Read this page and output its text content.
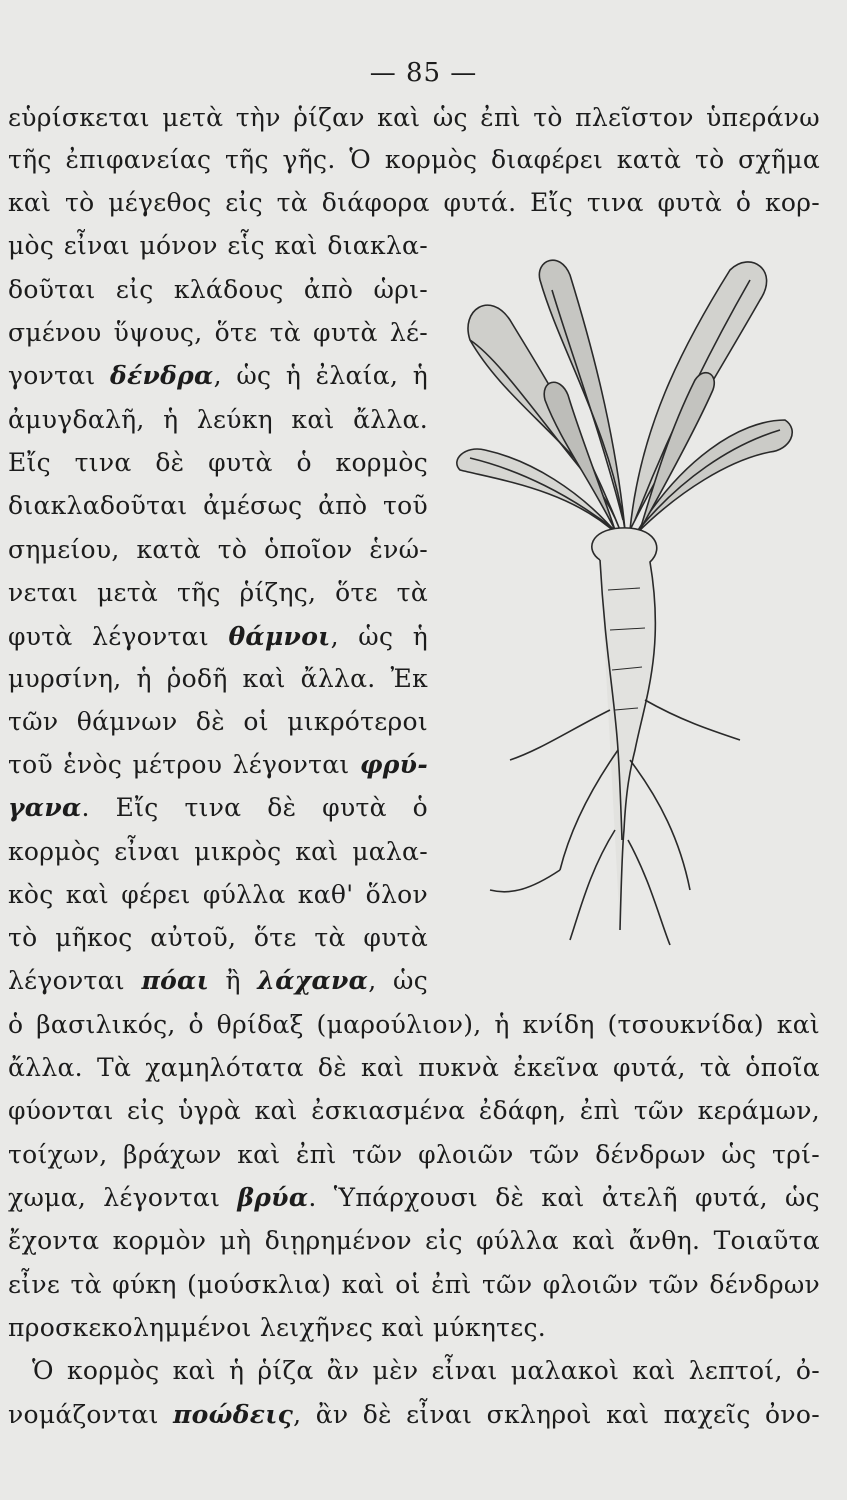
— 85 —
εὑρίσκεται μετὰ τὴν ῥίζαν καὶ ὡς ἐπὶ τὸ πλεῖστον ὑπεράνω
τῆς ἐπιφανείας τῆς γῆς. Ὁ κορμὸς διαφέρει κατὰ τὸ σχῆμα
καὶ τὸ μέγεθος εἰς τὰ διάφορα φυτά. Εἴς τινα φυτὰ ὁ κορ-
μὸς εἶναι μόνον εἷς καὶ διακλα-
δοῦται εἰς κλάδους ἀπὸ ὡρι-
σμένου ὕψους, ὅτε τὰ φυτὰ λέ-
γονται δένδρα, ὡς ἡ ἐλαία, ἡ
ἀμυγδαλῆ, ἡ λεύκη καὶ ἄλλα.
Εἴς τινα δὲ φυτὰ ὁ κορμὸς
διακλαδοῦται ἀμέσως ἀπὸ τοῦ
σημείου, κατὰ τὸ ὁποῖον ἑνώ-
νεται μετὰ τῆς ῥίζης, ὅτε τὰ
φυτὰ λέγονται θάμνοι, ὡς ἡ
μυρσίνη, ἡ ῥοδῆ καὶ ἄλλα. Ἐκ
τῶν θάμνων δὲ οἱ μικρότεροι
τοῦ ἑνὸς μέτρου λέγονται φρύ-
γανα. Εἴς τινα δὲ φυτὰ ὁ
κορμὸς εἶναι μικρὸς καὶ μαλα-
κὸς καὶ φέρει φύλλα καθ' ὅλον
τὸ μῆκος αὐτοῦ, ὅτε τὰ φυτὰ
λέγονται πόαι ἢ λάχανα, ὡς
ὁ βασιλικός, ὁ θρίδαξ (μαρούλιον), ἡ κνίδη (τσουκνίδα) καὶ
ἄλλα. Τὰ χαμηλότατα δὲ καὶ πυκνὰ ἐκεῖνα φυτά, τὰ ὁποῖα
φύονται εἰς ὑγρὰ καὶ ἐσκιασμένα ἐδάφη, ἐπὶ τῶν κεράμων,
τοίχων, βράχων καὶ ἐπὶ τῶν φλοιῶν τῶν δένδρων ὡς τρί-
χωμα, λέγονται βρύα. Ὑπάρχουσι δὲ καὶ ἀτελῆ φυτά, ὡς
ἔχοντα κορμὸν μὴ διῃρημένον εἰς φύλλα καὶ ἄνθη. Τοιαῦτα
εἶνε τὰ φύκη (μούσκλια) καὶ οἱ ἐπὶ τῶν φλοιῶν τῶν δένδρων
προσκεκολημμένοι λειχῆνες καὶ μύκητες.
Ὁ κορμὸς καὶ ἡ ῥίζα ἂν μὲν εἶναι μαλακοὶ καὶ λεπτοί, ὀ-
νομάζονται ποώδεις, ἂν δὲ εἶναι σκληροὶ καὶ παχεῖς ὀνο-
